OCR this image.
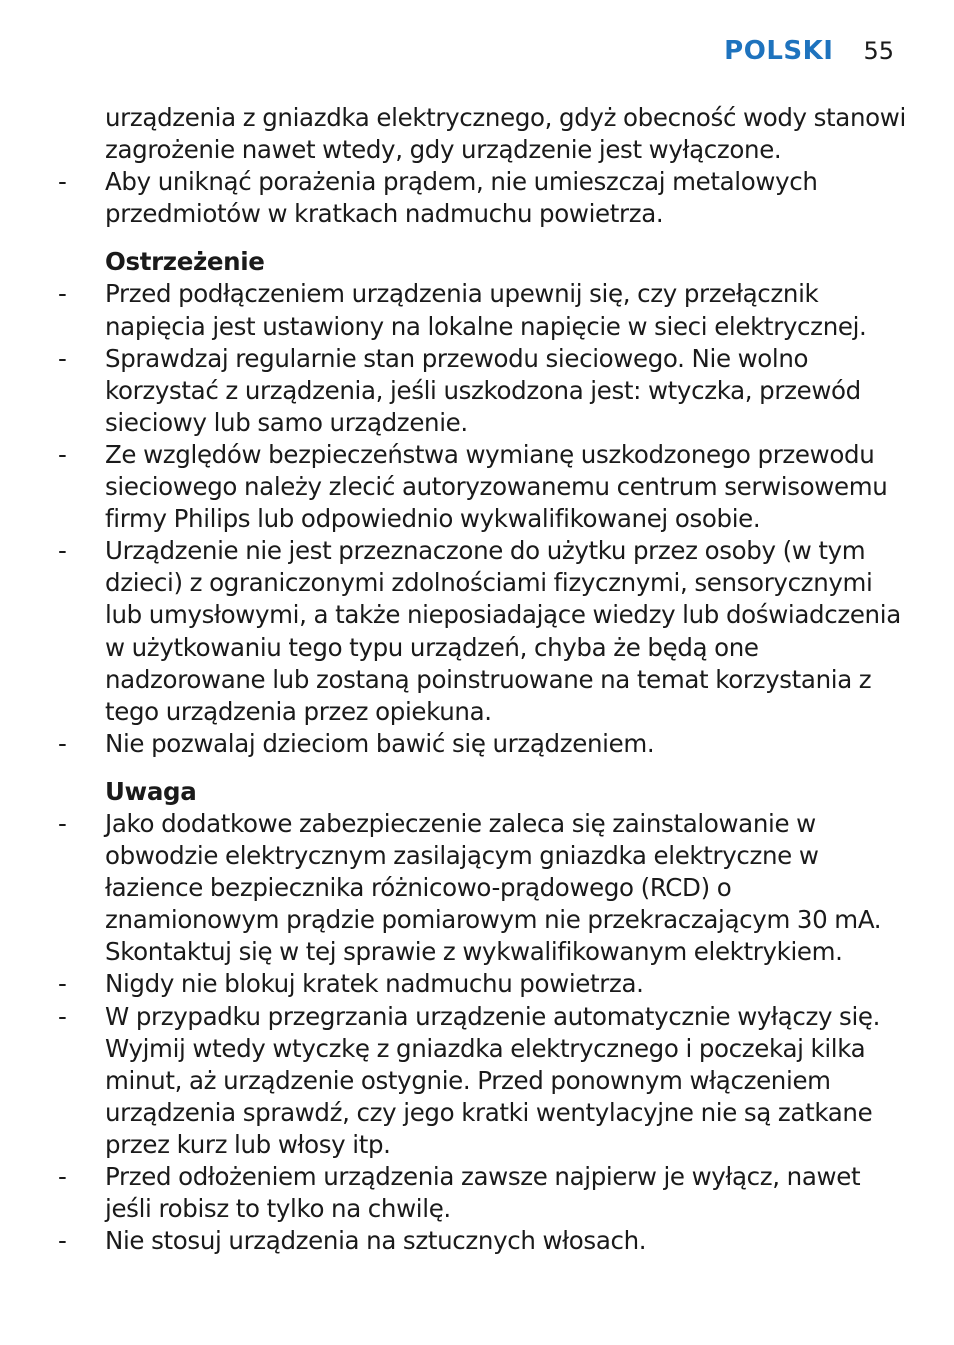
POLSKI 55
urządzenia z gniazdka elektrycznego, gdyż obecność wody stanowi zagrożenie nawet wtedy, gdy urządzenie jest wyłączone.
- Aby uniknąć porażenia prądem, nie umieszczaj metalowych przedmiotów w kratkach nadmuchu powietrza.
Ostrzeżenie
- Przed podłączeniem urządzenia upewnij się, czy przełącznik napięcia jest ustawiony na lokalne napięcie w sieci elektrycznej.
- Sprawdzaj regularnie stan przewodu sieciowego. Nie wolno korzystać z urządzenia, jeśli uszkodzona jest: wtyczka, przewód sieciowy lub samo urządzenie.
- Ze względów bezpieczeństwa wymianę uszkodzonego przewodu sieciowego należy zlecić autoryzowanemu centrum serwisowemu firmy Philips lub odpowiednio wykwalifikowanej osobie.
- Urządzenie nie jest przeznaczone do użytku przez osoby (w tym dzieci) z ograniczonymi zdolnościami fizycznymi, sensorycznymi lub umysłowymi, a także nieposiadające wiedzy lub doświadczenia w użytkowaniu tego typu urządzeń, chyba że będą one nadzorowane lub zostaną poinstruowane na temat korzystania z tego urządzenia przez opiekuna.
- Nie pozwalaj dzieciom bawić się urządzeniem.
Uwaga
- Jako dodatkowe zabezpieczenie zaleca się zainstalowanie w obwodzie elektrycznym zasilającym gniazdka elektryczne w łazience bezpiecznika różnicowo-prądowego (RCD) o znamionowym prądzie pomiarowym nie przekraczającym 30 mA. Skontaktuj się w tej sprawie z wykwalifikowanym elektrykiem.
- Nigdy nie blokuj kratek nadmuchu powietrza.
- W przypadku przegrzania urządzenie automatycznie wyłączy się. Wyjmij wtedy wtyczkę z gniazdka elektrycznego i poczekaj kilka minut, aż urządzenie ostygnie. Przed ponownym włączeniem urządzenia sprawdź, czy jego kratki wentylacyjne nie są zatkane przez kurz lub włosy itp.
- Przed odłożeniem urządzenia zawsze najpierw je wyłącz, nawet jeśli robisz to tylko na chwilę.
- Nie stosuj urządzenia na sztucznych włosach.
